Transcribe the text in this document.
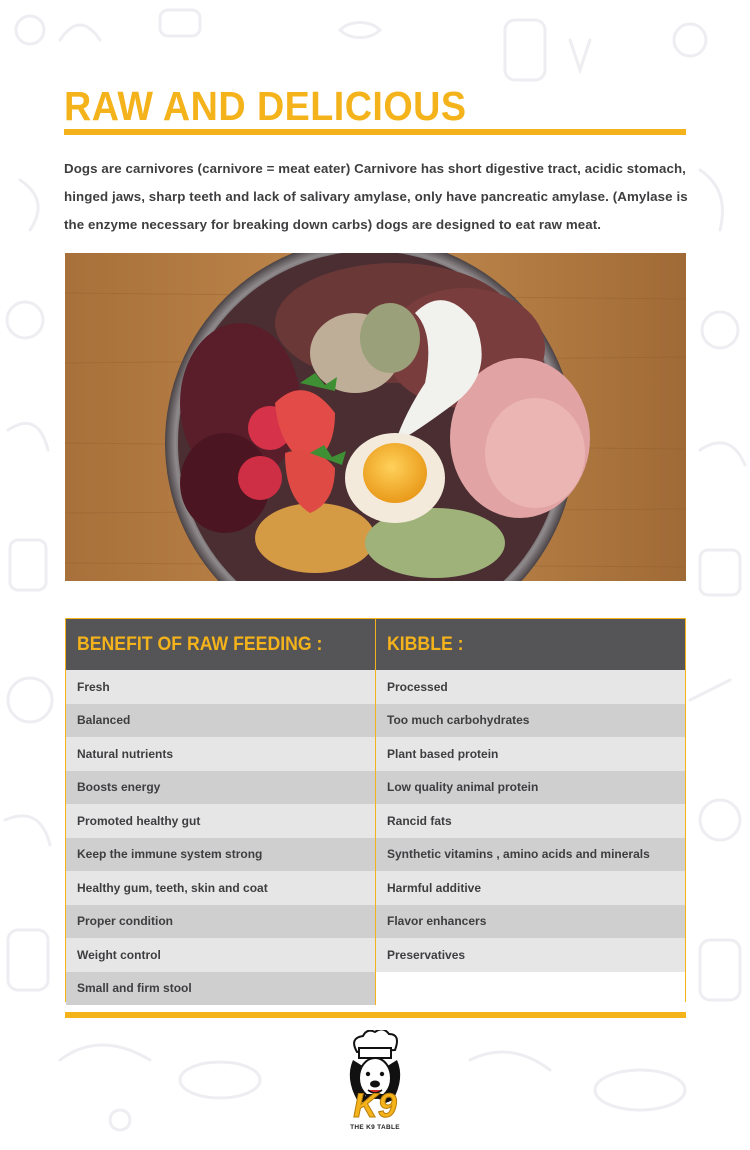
RAW AND DELICIOUS
Dogs are carnivores (carnivore = meat eater) Carnivore has short digestive tract, acidic stomach, hinged jaws, sharp teeth and lack of salivary amylase, only have pancreatic amylase. (Amylase is the enzyme necessary for breaking down carbs) dogs are designed to eat raw meat.
BENEFIT OF RAW FEEDING :	KIBBLE :
Fresh	Processed
Balanced	Too much carbohydrates
Natural nutrients	Plant based protein
Boosts energy	Low quality animal protein
Promoted healthy gut	Rancid fats
Keep the immune system strong	Synthetic vitamins , amino acids and minerals
Healthy gum, teeth, skin and coat	Harmful additive
Proper condition	Flavor enhancers
Weight control	Preservatives
Small and firm stool
K9
THE K9 TABLE
